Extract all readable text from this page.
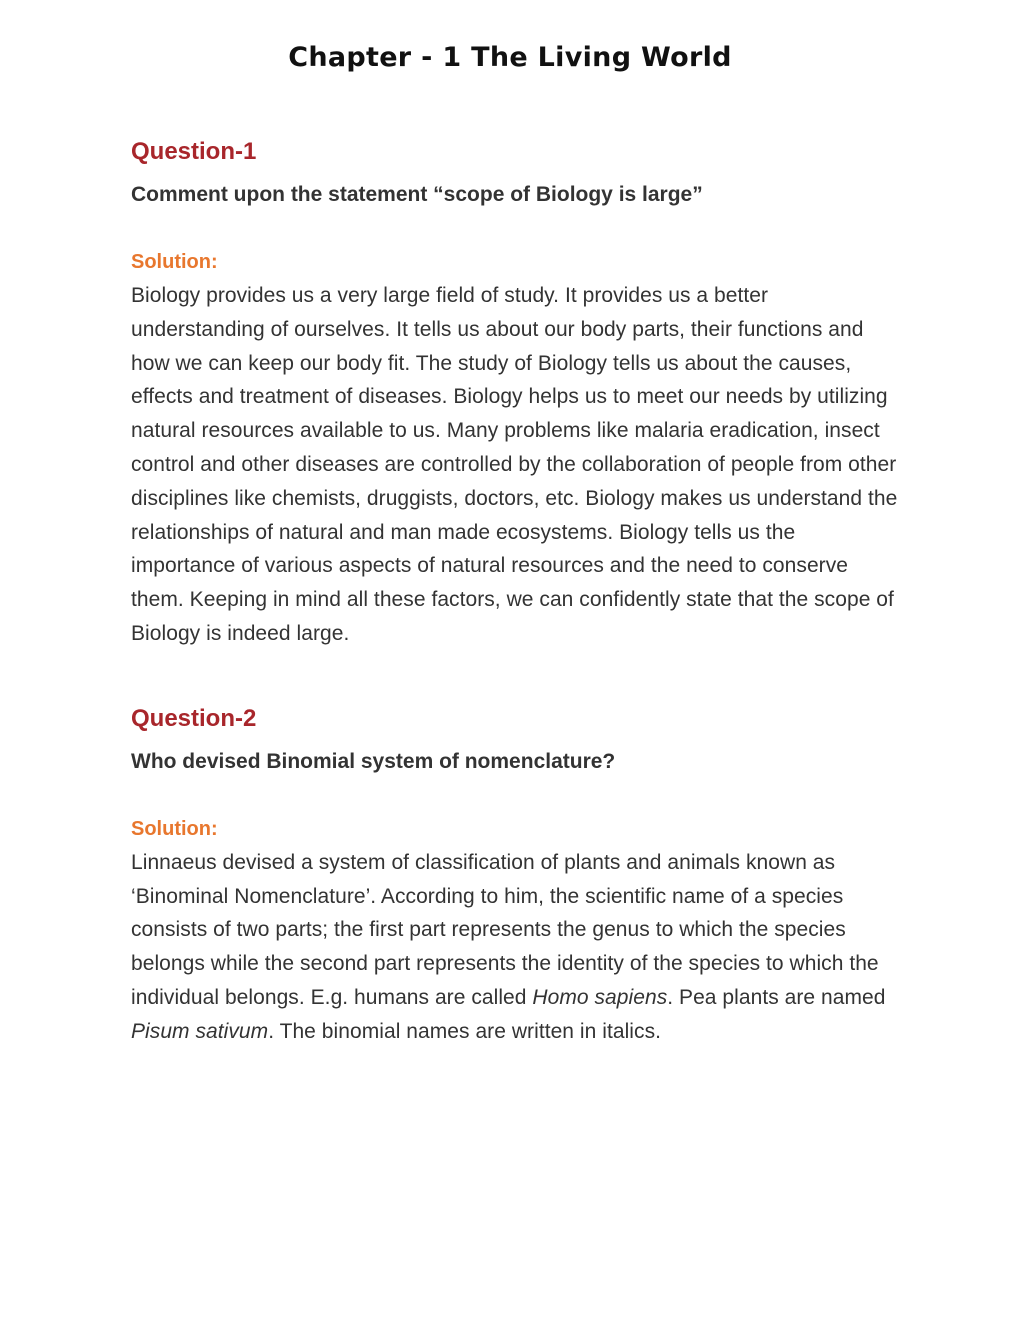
Chapter - 1 The Living World
Question-1

Comment upon the statement “scope of Biology is large”

Solution:

Biology provides us a very large field of study. It provides us a better understanding of ourselves. It tells us about our body parts, their functions and how we can keep our body fit. The study of Biology tells us about the causes, effects and treatment of diseases. Biology helps us to meet our needs by utilizing natural resources available to us. Many problems like malaria eradication, insect control and other diseases are controlled by the collaboration of people from other disciplines like chemists, druggists, doctors, etc. Biology makes us understand the relationships of natural and man made ecosystems. Biology tells us the importance of various aspects of natural resources and the need to conserve them. Keeping in mind all these factors, we can confidently state that the scope of Biology is indeed large.

Question-2

Who devised Binomial system of nomenclature?

Solution:

Linnaeus devised a system of classification of plants and animals known as ‘Binominal Nomenclature’. According to him, the scientific name of a species consists of two parts; the first part represents the genus to which the species belongs while the second part represents the identity of the species to which the individual belongs. E.g. humans are called Homo sapiens. Pea plants are named Pisum sativum. The binomial names are written in italics.
